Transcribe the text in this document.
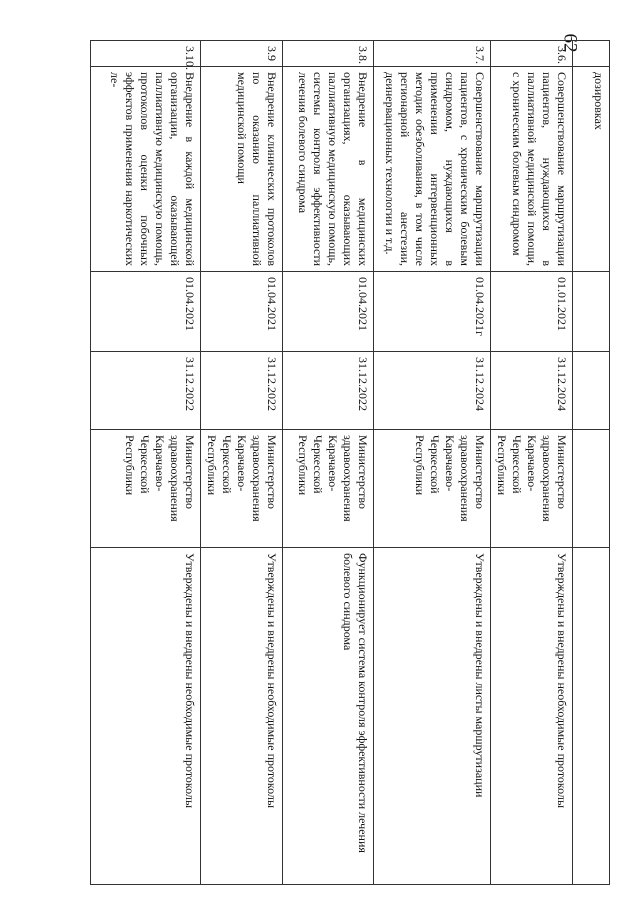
62
	дозировках				
3.6.	Совершенствование маршрутизации пациентов, нуждающихся в паллиативной медицинской помощи, с хроническим болевым синдромом	01.01.2021	31.12.2024	Министерство здравоохранения Карачаево-Черкесской Республики	Утверждены и внедрены необходимые протоколы
3.7.	Совершенствование маршрутизации пациентов, с хроническим болевым синдромом, нуждающихся в применении интервенционных методик обезболивания, в том числе регионарной анестезии, деинервационных технологии и т.д.	01.04.2021г	31.12.2024	Министерство здравоохранения Карачаево-Черкесской Республики	Утверждены и внедрены листы маршрутизации
3.8.	Внедрение в медицинских организациях, оказывающих паллиативную медицинскую помощь, системы контроля эффективности лечения болевого синдрома	01.04.2021	31.12.2022	Министерство здравоохранения Карачаево-Черкесской Республики	Функционирует система контроля эффективности лечения болевого синдрома
3.9	Внедрение клинических протоколов по оказанию паллиативной медицинской помощи	01.04.2021	31.12.2022	Министерство здравоохранения Карачаево-Черкесской Республики	Утверждены и внедрены необходимые протоколы
3.10.	Внедрение в каждой медицинской организации, оказывающей паллиативную медицинскую помощь, протоколов оценки побочных эффектов применения наркотических ле-	01.04.2021	31.12.2022	Министерство здравоохранения Карачаево-Черкесской Республики	Утверждены и внедрены необходимые протоколы
